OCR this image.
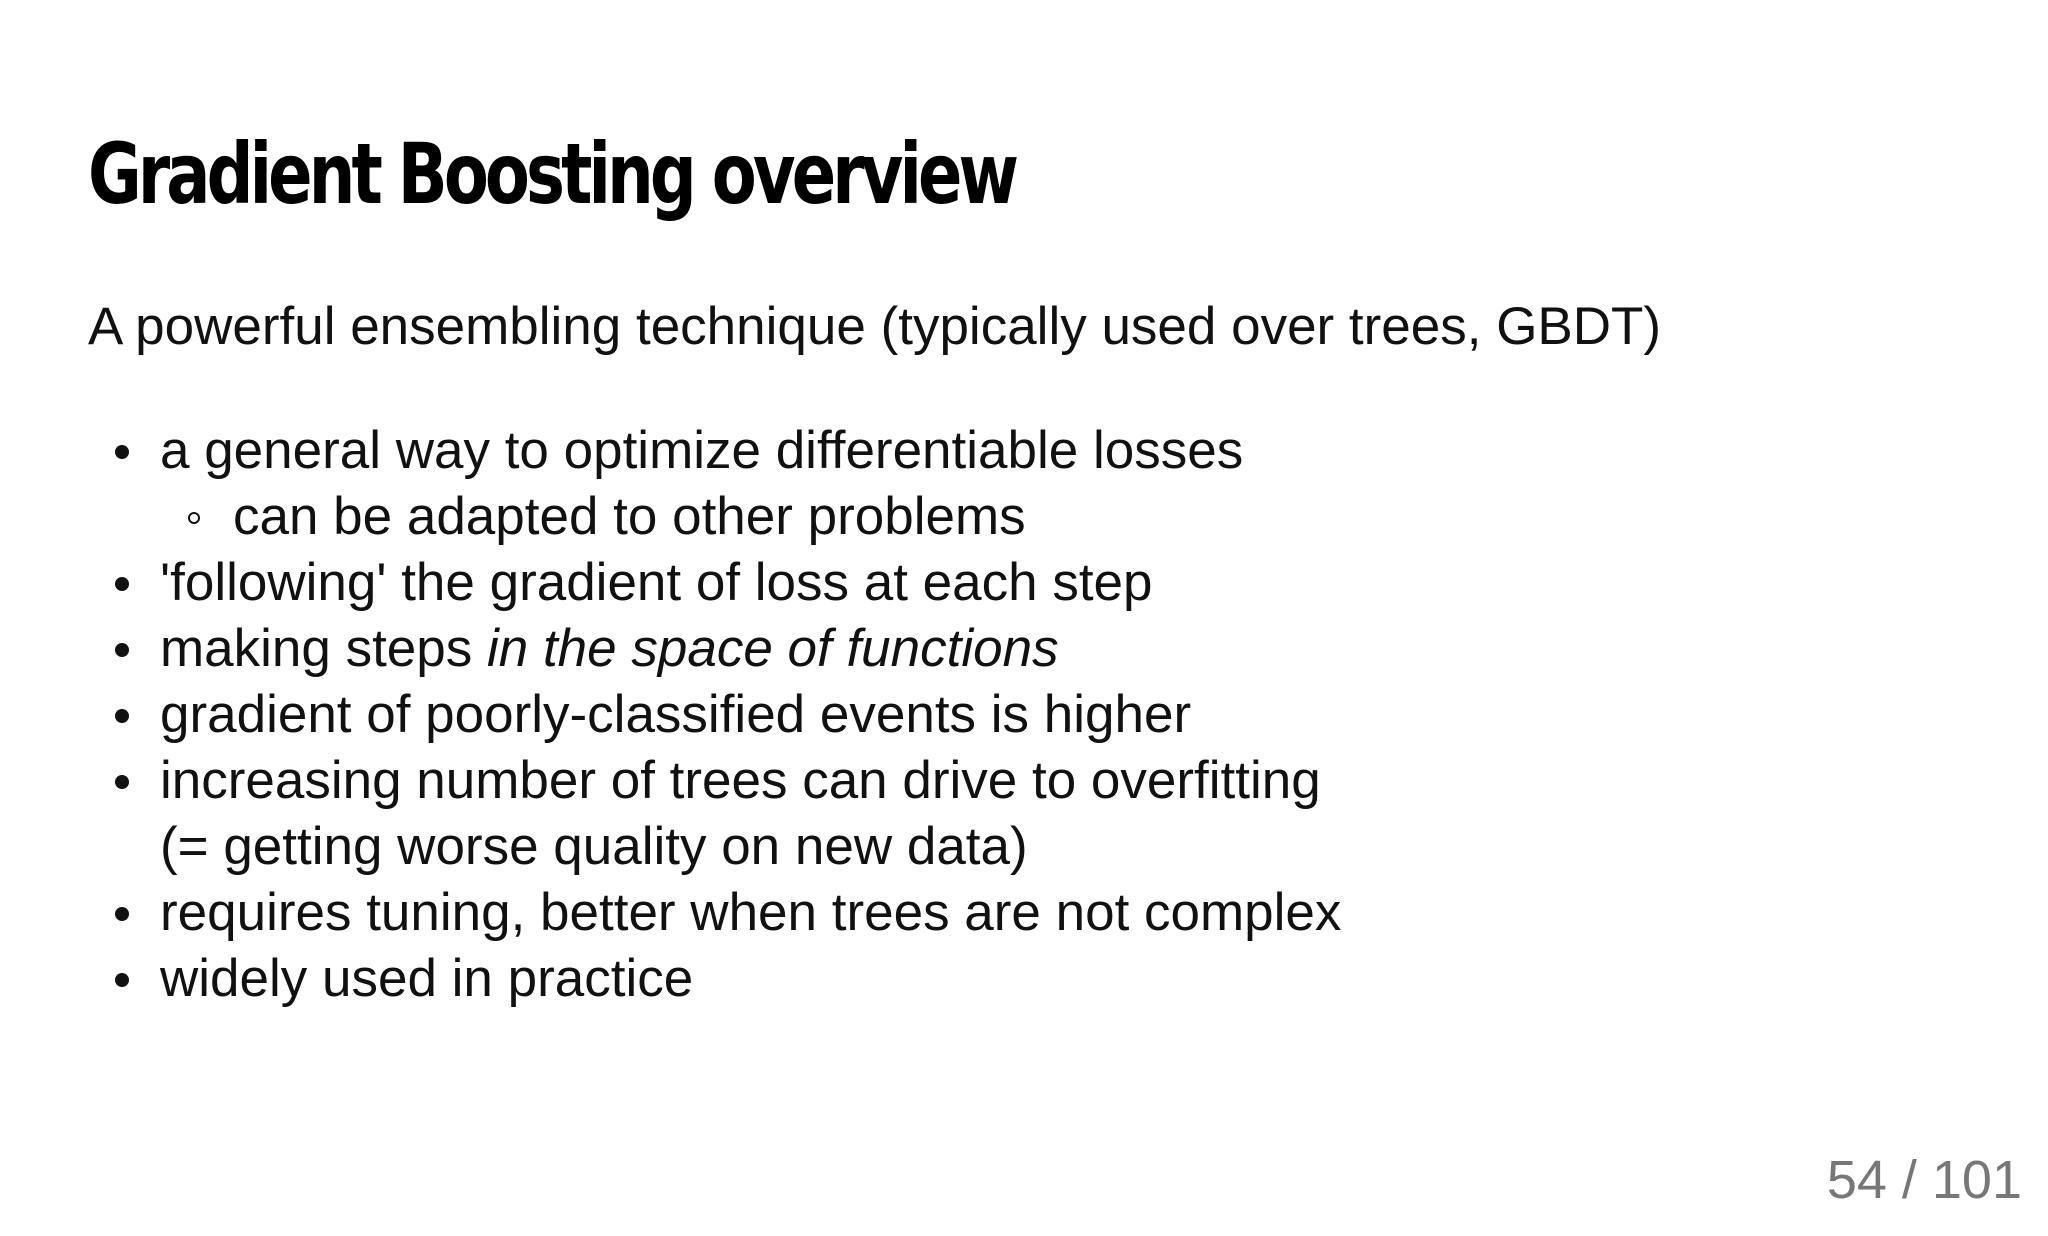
Gradient Boosting overview

A powerful ensembling technique (typically used over trees, GBDT)

a general way to optimize differentiable losses
can be adapted to other problems
'following' the gradient of loss at each step
making steps in the space of functions
gradient of poorly-classified events is higher
increasing number of trees can drive to overfitting
(= getting worse quality on new data)
requires tuning, better when trees are not complex
widely used in practice
54 / 101
